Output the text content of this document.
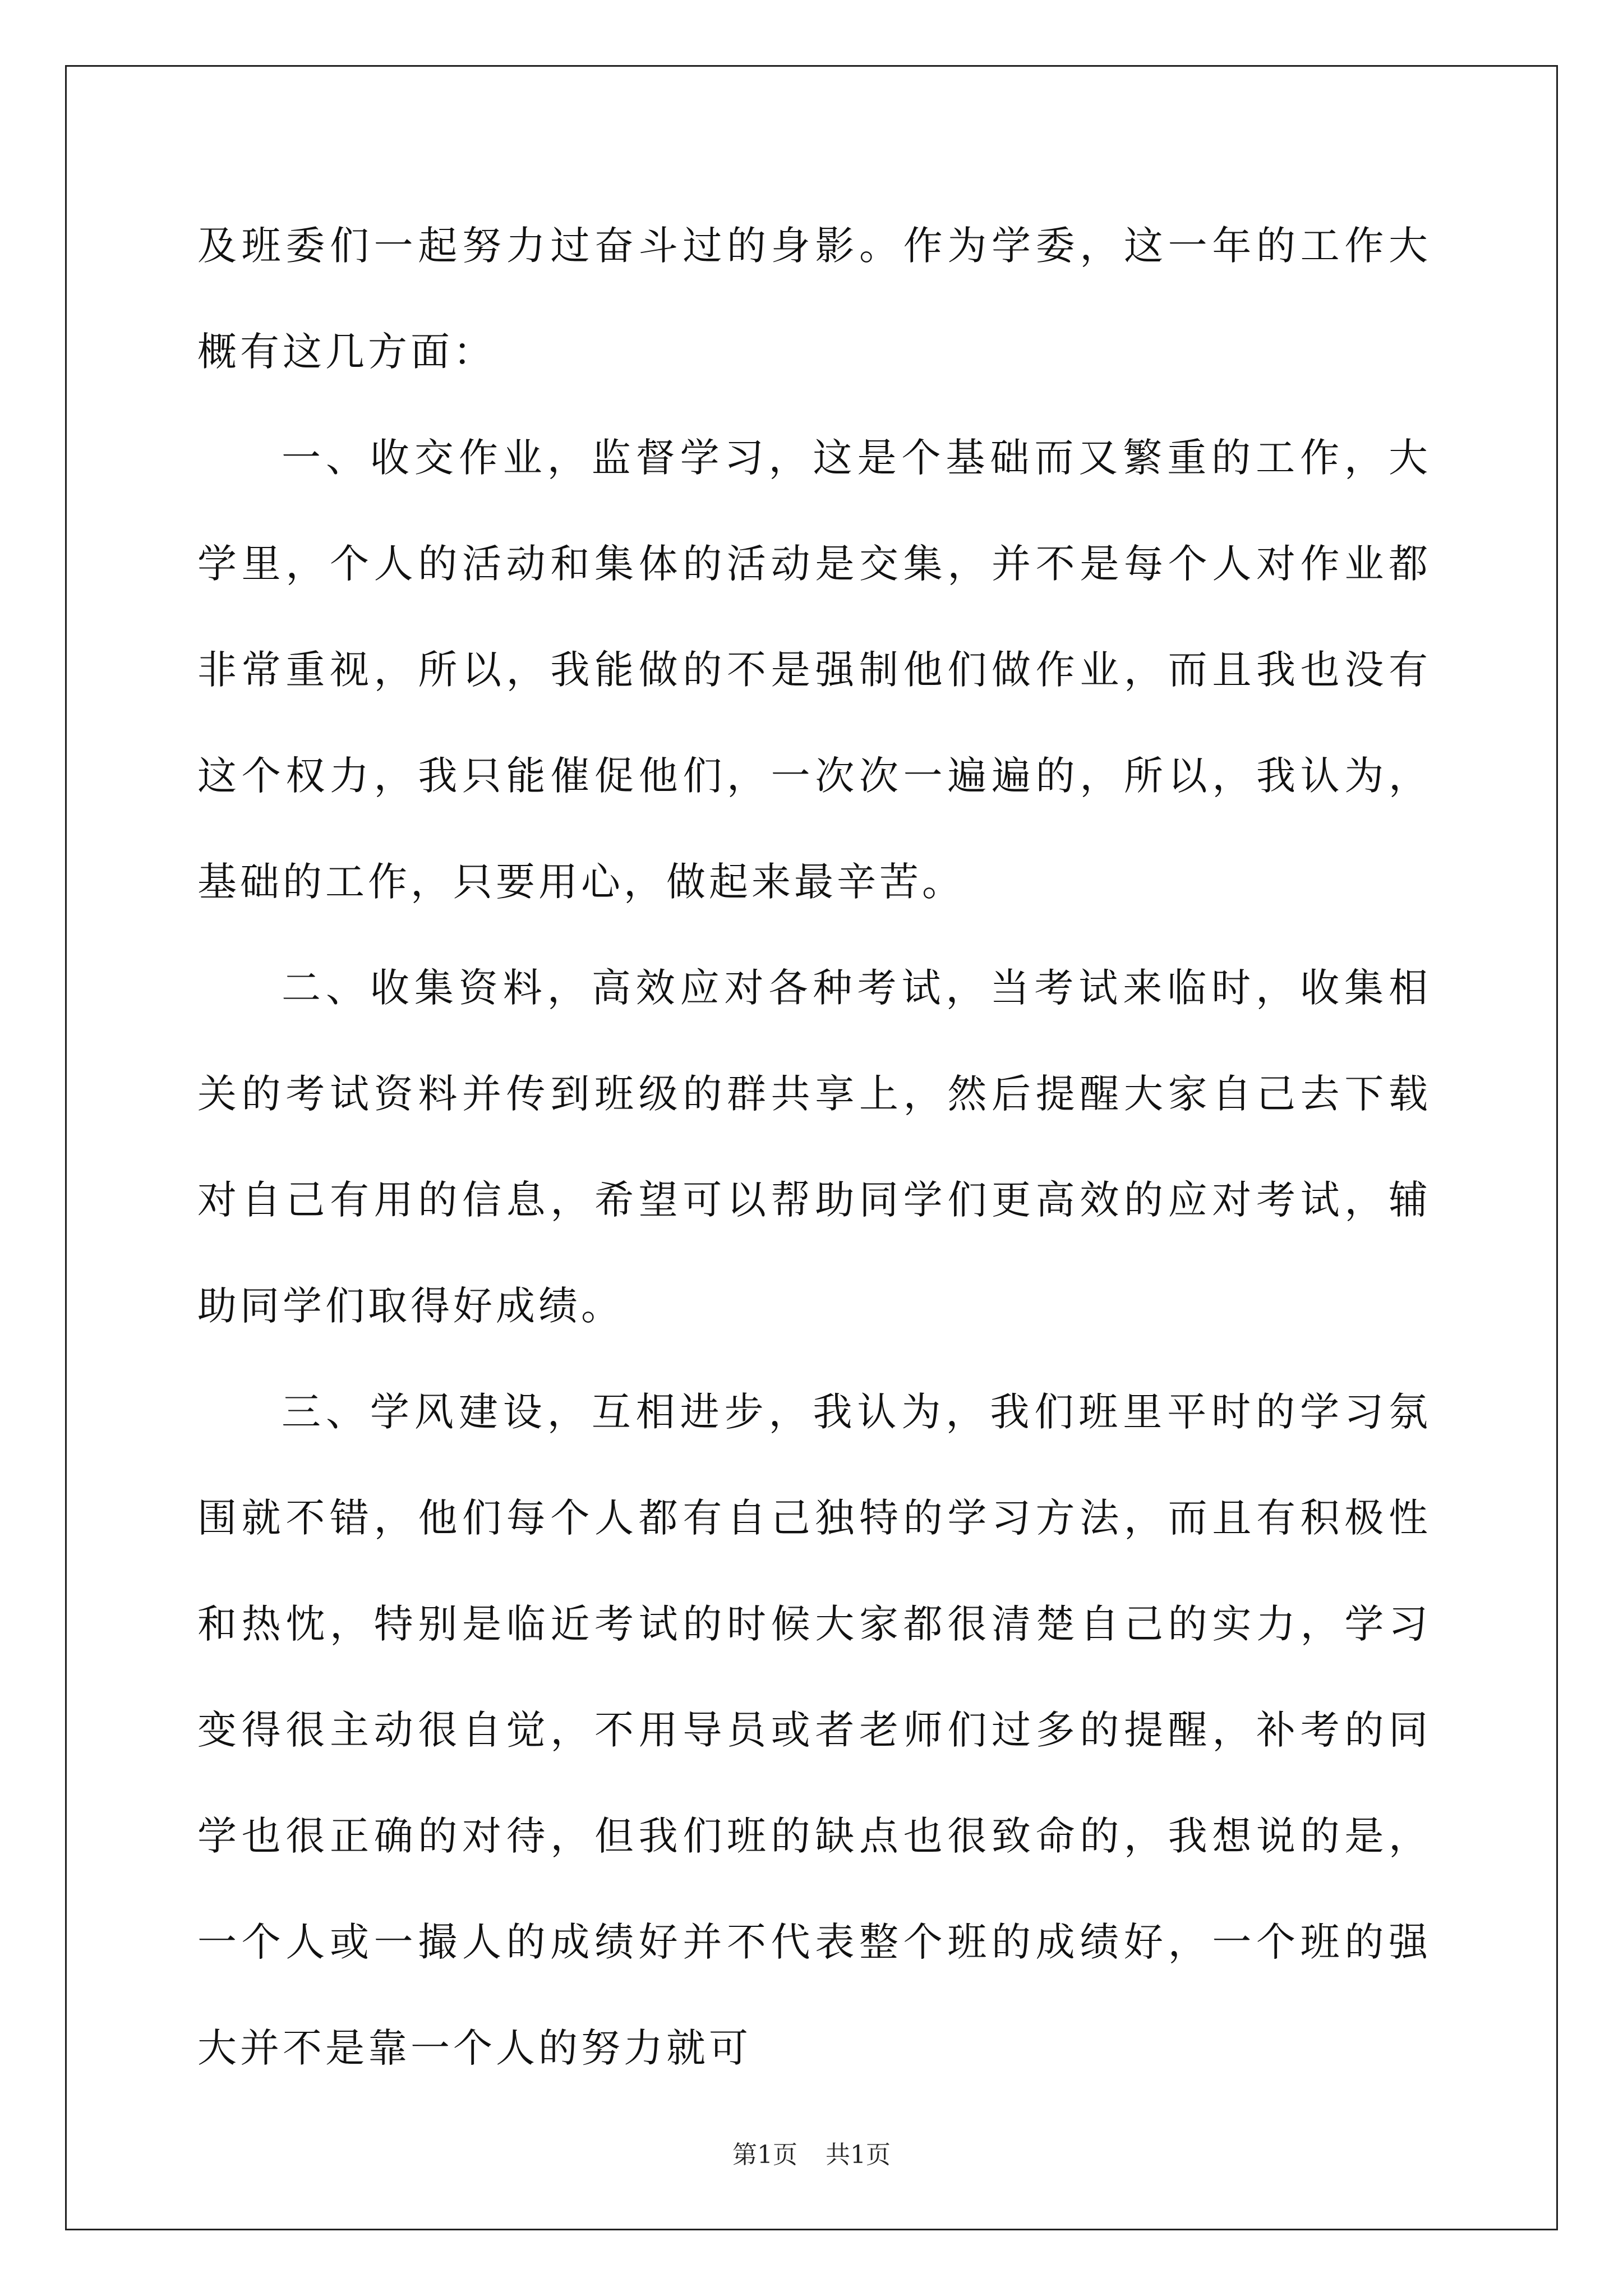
及班委们一起努力过奋斗过的身影。作为学委，这一年的工作大概有这几方面：

一、收交作业，监督学习，这是个基础而又繁重的工作，大学里，个人的活动和集体的活动是交集，并不是每个人对作业都非常重视，所以，我能做的不是强制他们做作业，而且我也没有这个权力，我只能催促他们，一次次一遍遍的，所以，我认为，基础的工作，只要用心，做起来最辛苦。

二、收集资料，高效应对各种考试，当考试来临时，收集相关的考试资料并传到班级的群共享上，然后提醒大家自己去下载对自己有用的信息，希望可以帮助同学们更高效的应对考试，辅助同学们取得好成绩。

三、学风建设，互相进步，我认为，我们班里平时的学习氛围就不错，他们每个人都有自己独特的学习方法，而且有积极性和热忱，特别是临近考试的时候大家都很清楚自己的实力，学习变得很主动很自觉，不用导员或者老师们过多的提醒，补考的同学也很正确的对待，但我们班的缺点也很致命的，我想说的是，一个人或一撮人的成绩好并不代表整个班的成绩好，一个班的强大并不是靠一个人的努力就可

第1页 共1页
